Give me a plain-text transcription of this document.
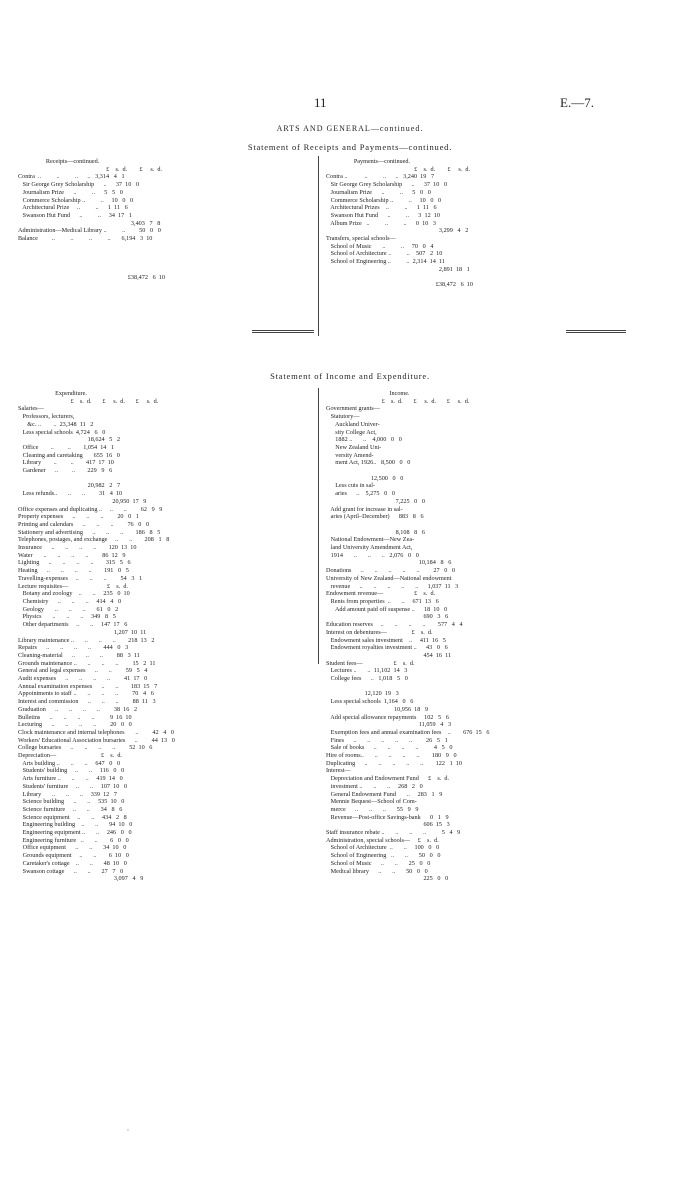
11	E.—7.
ARTS AND GENERAL—continued.
Statement of Receipts and Payments—continued.
Receipts—continued.
£    s.  d.        £     s.  d.
Contra  ..          ..          ..      ..   3,314   4   1
Sir George Grey Scholarship      ..      37  10   0
Journalism Prize      ..          ..      5   5   0
Commerce Scholarship ..          ..     10   0   0
Architectural Prize     ..          ..      1  11   6
Swanson Hut Fund      ..          ..     34  17   1
3,403   7   8
Administration—Medical Library ..          ..         50   0   0
Balance         ..          ..          ..          ..       6,194   3  10

£38,472   6  10
Payments—continued.
£    s.  d.        £     s.  d.
Contra ..           ..          ..      ..   3,240  19   7
Sir George Grey Scholarship      ..      37  10   0
Journalism Prize      ..          ..      5   0   0
Commerce Scholarship ..          ..     10   0   0
Architectural Prizes    ..          ..      1  11   6
Swanson Hut Fund      ..          ..      3  12  10
Album Prize   ..          ..          ..      0  10   3
3,299   4   2
Transfers, special schools—
School of Music       ..          ..     70   0   4
School of Architecture ..          ..    507   2  10
School of Engineering ..          ..  2,314  14  11
2,891  18   1

£38,472   6  10
Statement of Income and Expenditure.
Expenditure.
£    s.  d.       £     s.  d.       £     s.  d.
Salaries—
Professors, lecturers,
&c. ..        ..  23,348  11   2
Less special schools  4,724   6   0
18,624   5   2
Office        ..         ..        1,054  14   1
Cleaning and caretaking       655  16   0
Library        ..         ..        417  17  10
Gardener      ..         ..        229   9   6

20,982   2   7
Less refunds..       ..       ..         31   4  10
20,950  17   9
Office expenses and duplicating ..     ..       ..         62   9   9
Property expenses      ..       ..       ..         20   0   1
Printing and calendars      ..       ..       ..         76   0   0
Stationery and advertising      ..       ..       ..        186   8   5
Telephones, postages, and exchange     ..       ..        208   1   8
Insurance      ..       ..       ..       ..        120  13  10
Water       ..       ..       ..       ..         86  12   9
Lighting      ..       ..       ..       ..        315   5   6
Heating      ..       ..       ..       ..        191   0   5
Travelling-expenses     ..       ..       ..         54   3   1
Lecture requisites—                         £    s.  d.
Botany and zoology    ..       ..     235   0  10
Chemistry      ..       ..       ..     414   4   0
Geology       ..       ..       ..       61   0   2
Physics       ..       ..       ..     349   8   5
Other departments     ..       ..     147  17   6
1,207  10  11
Library maintenance ..       ..       ..       ..        218  13   2
Repairs      ..       ..       ..       ..        444   0   3
Cleaning-material      ..       ..       ..         88   3  11
Grounds maintenance ..       ..       ..       ..         15   2  11
General and legal expenses      ..       ..         59   5   4
Audit expenses      ..       ..       ..       ..         41  17   0
Annual examination expenses      ..       ..        183  15   7
Appointments to staff ..       ..       ..       ..         70   4   6
Interest and commission      ..       ..       ..         88  11   3
Graduation      ..       ..       ..       ..         38  16   2
Bulletins      ..       ..       ..       ..          9  16  10
Lecturing      ..       ..       ..       ..         20   0   0
Clock maintenance and internal telephones       ..         42   4   0
Workers' Educational Association bursaries      ..         44  13   0
College bursaries      ..       ..       ..       ..         52  10   6
Depreciation—                             £    s.  d.
Arts building ..       ..       ..     647   0   0
Students' building     ..       ..     116   0   0
Arts furniture ..       ..       ..     419  14   0
Students' furniture     ..       ..     107  10   0
Library       ..       ..       ..     339  12   7
Science building      ..       ..     535  10   0
Science furniture     ..       ..       34   8   6
Science equipment     ..       ..     434   2   8
Engineering building    ..       ..       94  10   0
Engineering equipment ..       ..     246   0   0
Engineering furniture   ..       ..        6   0   0
Office equipment      ..       ..       34  10   0
Grounds equipment     ..       ..        6  10   0
Caretaker's cottage    ..       ..       48  10   0
Swanson cottage      ..       ..       27   7   0
3,097   4   9
Income.
£    s.  d.       £     s.  d.       £     s.  d.
Government grants—
Statutory—
Auckland Univer-
sity College Act,
1882 ..       ..    4,000   0   0
New Zealand Uni-
versity Amend-
ment Act, 1926..   8,500   0   0

12,500   0   0
Less cuts in sal-
aries      ..    5,275   0   0
7,225   0   0
Add grant for increase in sal-
aries (April–December)      883   8   6

8,108   8   6
National Endowment—New Zea-
land University Amendment Act,
1914       ..       ..       ..   2,076   0   0
10,184   8   6
Donations      ..       ..       ..       ..       ..         27   0   0
University of New Zealand—National endowment
revenue      ..       ..       ..       ..       ..      1,037  11   3
Endowment revenue—                    £    s.  d.
Rents from properties  ..       ..     671  13   6
Add amount paid off suspense ..      18  10   0
690   3   6
Education reserves     ..       ..       ..       ..        577   4   4
Interest on debentures—                £    s.  d.
Endowment sales investment    ..     411  16   5
Endowment royalties investment ..      43   0   6
454  16  11
Student fees—                    £    s.  d.
Lectures ..       ..  11,102  14   3
College fees      ..   1,018   5   0

12,120  19   3
Less special schools  1,164   0   6
10,956  18   9
Add special allowance repayments     102   5   6
11,059   4   3
Exemption fees and annual examination fees    ..        676  15   6
Fines      ..       ..       ..       ..       ..         26   5   1
Sale of books      ..       ..       ..       ..          4   5   0
Hire of rooms..       ..       ..       ..       ..        180   9   0
Duplicating      ..       ..       ..       ..       ..        122   1  10
Interest—
Depreciation and Endowment Fund      £    s.  d.
investment ..       ..       ..     268   2   0
General Endowment Fund       ..     283   1   9
Mennie Bequest—School of Com-
merce      ..       ..       ..       55   9   9
Revenue—Post-office Savings-bank      0   1   9
606  15   3
Staff insurance rebate ..       ..       ..       ..          5   4   9
Administration, special schools—     £    s.  d.
School of Architecture  ..       ..     100   0   0
School of Engineering   ..       ..       50   0   0
School of Music      ..       ..       25   0   0
Medical library      ..       ..       50   0   0
225   0   0
,
